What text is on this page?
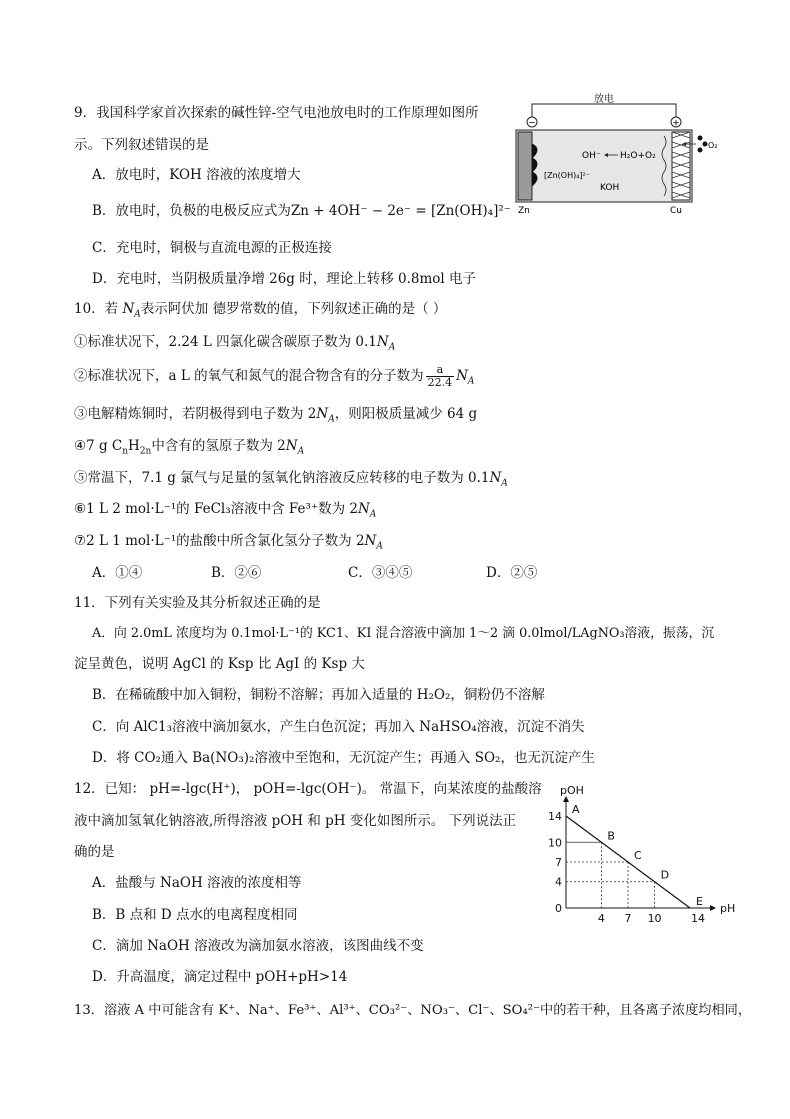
9．我国科学家首次探索的碱性锌-空气电池放电时的工作原理如图所
示。下列叙述错误的是
A．放电时，KOH 溶液的浓度增大
B．放电时，负极的电极反应式为Zn + 4OH⁻ − 2e⁻ = [Zn(OH)₄]²⁻
C．充电时，铜极与直流电源的正极连接
D．充电时，当阴极质量净增 26g 时，理论上转移 0.8mol 电子
放电
−	+
OH⁻ H₂O+O₂
[Zn(OH)₄]²⁻
KOH
O₂
Zn	Cu
10．若 $N_A$表示阿伏加 德罗常数的值，下列叙述正确的是（ ）
①标准状况下，2.24 L 四氯化碳含碳原子数为 $0.1N_A$
②标准状况下，a L 的氧气和氮气的混合物含有的分子数为 $\frac{a}{22.4} N_A$
③电解精炼铜时，若阴极得到电子数为 $2N_A$，则阳极质量减少 64 g
④7 g $C_nH_{2n}$中含有的氢原子数为 $2N_A$
⑤常温下，7.1 g 氯气与足量的氢氧化钠溶液反应转移的电子数为 $0.1N_A$
⑥1 L 2 mol·L⁻¹的 FeCl₃溶液中含 Fe³⁺数为 $2N_A$
⑦2 L 1 mol·L⁻¹的盐酸中所含氯化氢分子数为 $2N_A$
A．①④	B．②⑥	C．③④⑤	D．②⑤
11．下列有关实验及其分析叙述正确的是
A．向 2.0mL 浓度均为 0.1mol·L⁻¹的 KC1、KI 混合溶液中滴加 1～2 滴 0.0lmol/LAgNO₃溶液，振荡，沉
淀呈黄色，说明 AgCl 的 Ksp 比 AgI 的 Ksp 大
B．在稀硫酸中加入铜粉，铜粉不溶解；再加入适量的 H₂O₂，铜粉仍不溶解
C．向 AlC1₃溶液中滴加氨水，产生白色沉淀；再加入 NaHSO₄溶液，沉淀不消失
D．将 CO₂通入 Ba(NO₃)₂溶液中至饱和，无沉淀产生；再通入 SO₂，也无沉淀产生
12．已知： pH=-lgc(H⁺)， pOH=-lgc(OH⁻)。 常温下，向某浓度的盐酸溶
液中滴加氢氧化钠溶液,所得溶液 pOH 和 pH 变化如图所示。 下列说法正
确的是
A．盐酸与 NaOH 溶液的浓度相等
B．B 点和 D 点水的电离程度相同
C．滴加 NaOH 溶液改为滴加氨水溶液，该图曲线不变
D．升高温度，滴定过程中 pOH+pH>14
pH
pOH
0
4
7
10
14
4 7 10	14
A
B
C
D
E
13．溶液 A 中可能含有 K⁺、Na⁺、Fe³⁺、Al³⁺、CO₃²⁻、NO₃⁻、Cl⁻、SO₄²⁻中的若干种，且各离子浓度均相同，
